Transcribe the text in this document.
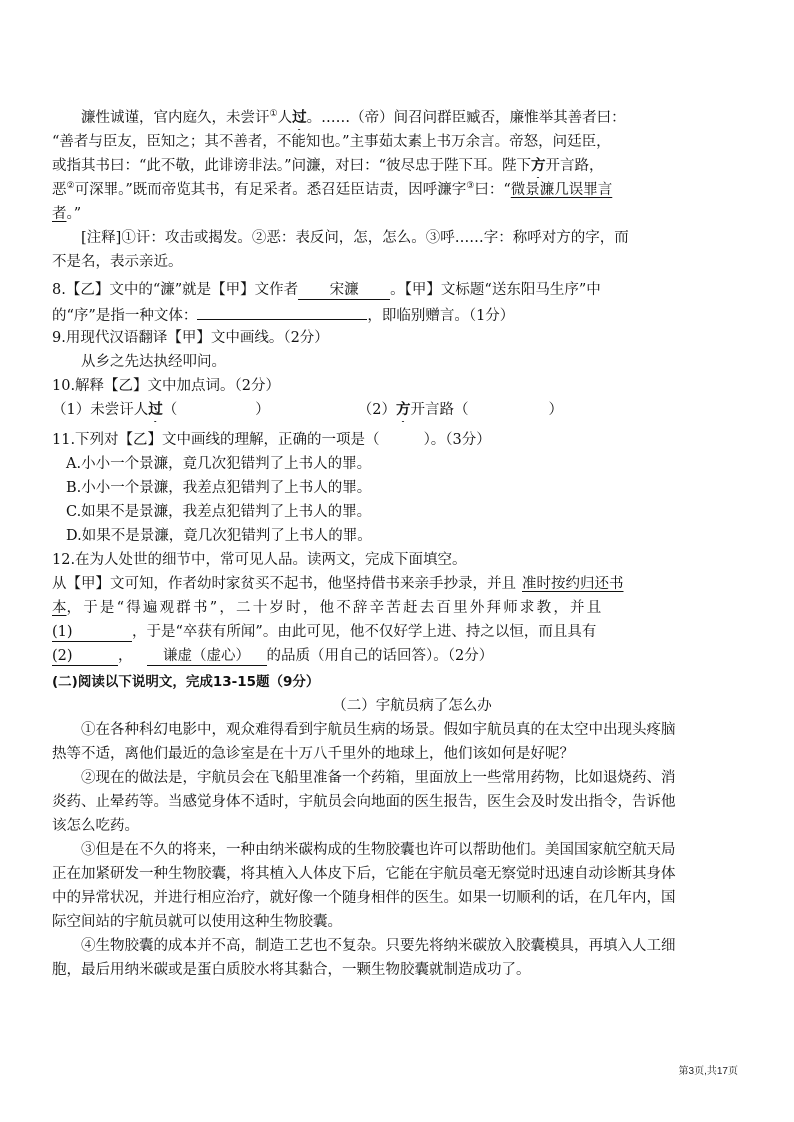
濂性诚谨，官内庭久，未尝讦①人过。……（帝）间召问群臣臧否，廉惟举其善者曰：
“善者与臣友，臣知之；其不善者，不能知也。”主事茹太素上书万余言。帝怒，问廷臣，
或指其书曰：“此不敬，此诽谤非法。”问濂，对曰：“彼尽忠于陛下耳。陛下方开言路，
恶②可深罪。”既而帝览其书，有足采者。悉召廷臣诘责，因呼濂字③曰：“微景濂几误罪言
者。”
[注释]①讦：攻击或揭发。②恶：表反问，怎，怎么。③呼……字：称呼对方的字，而
不是名，表示亲近。
8.【乙】文中的“濂”就是【甲】文作者 宋濂 。【甲】文标题“送东阳马生序”中
的“序”是指一种文体：	，即临别赠言。（1分）
9.用现代汉语翻译【甲】文中画线。（2分）
从乡之先达执经叩问。
10.解释【乙】文中加点词。（2分）
（1）未尝讦人过（	）	（2）方开言路（	）
11.下列对【乙】文中画线的理解，正确的一项是（	）。（3分）
A.小小一个景濂，竟几次犯错判了上书人的罪。
B.小小一个景濂，我差点犯错判了上书人的罪。
C.如果不是景濂，我差点犯错判了上书人的罪。
D.如果不是景濂，竟几次犯错判了上书人的罪。
12.在为人处世的细节中，常可见人品。读两文，完成下面填空。
从【甲】文可知，作者幼时家贫买不起书，他坚持借书来亲手抄录，并且 准时按约归还书
本，于是“得遍观群书”，二十岁时，他不辞辛苦赶去百里外拜师求教，并且
(1)	，于是“卒获有所闻”。由此可见，他不仅好学上进、持之以恒，而且具有
(2)	， 谦虚（虚心） 的品质（用自己的话回答）。（2分）
(二)阅读以下说明文，完成13-15题（9分）
（二）宇航员病了怎么办
①在各种科幻电影中，观众难得看到宇航员生病的场景。假如宇航员真的在太空中出现头疼脑
热等不适，离他们最近的急诊室是在十万八千里外的地球上，他们该如何是好呢？
②现在的做法是，宇航员会在飞船里准备一个药箱，里面放上一些常用药物，比如退烧药、消
炎药、止晕药等。当感觉身体不适时，宇航员会向地面的医生报告，医生会及时发出指令，告诉他
该怎么吃药。
③但是在不久的将来，一种由纳米碳构成的生物胶囊也许可以帮助他们。美国国家航空航天局
正在加紧研发一种生物胶囊，将其植入人体皮下后，它能在宇航员毫无察觉时迅速自动诊断其身体
中的异常状况，并进行相应治疗，就好像一个随身相伴的医生。如果一切顺利的话，在几年内，国
际空间站的宇航员就可以使用这种生物胶囊。
④生物胶囊的成本并不高，制造工艺也不复杂。只要先将纳米碳放入胶囊模具，再填入人工细
胞，最后用纳米碳或是蛋白质胶水将其黏合，一颗生物胶囊就制造成功了。
第3页,共17页
